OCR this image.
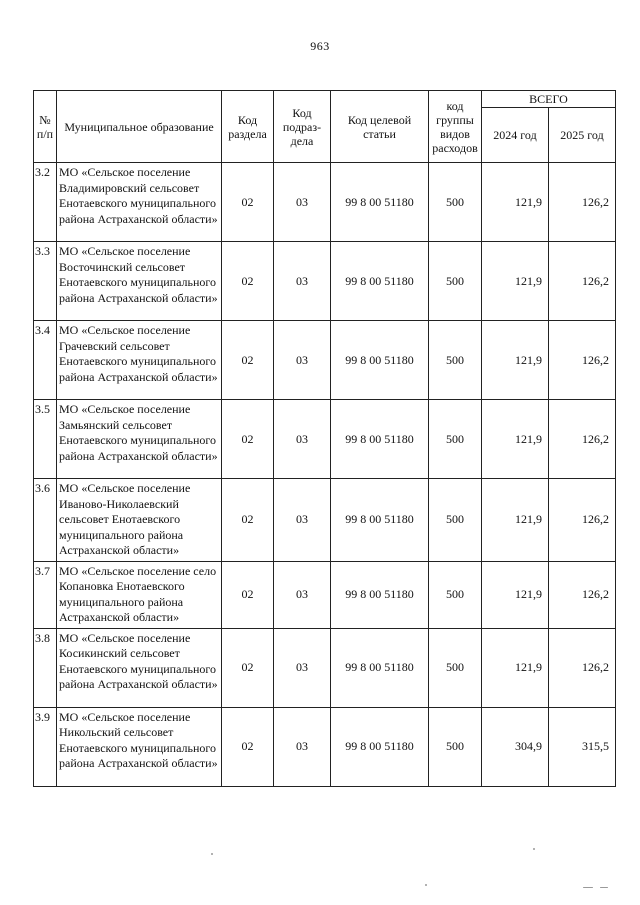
963
№ п/п	Муниципальное образование	Код раздела	Код подраз-дела	Код целевой статьи	код группы видов расходов	ВСЕГО	
						2024 год	2025 год
3.2	МО «Сельское поселение Владимировский сельсовет Енотаевского муниципального района Астраханской области»	02	03	99 8 00 51180	500	121,9	126,2
3.3	МО «Сельское поселение Восточинский сельсовет Енотаевского муниципального района Астраханской области»	02	03	99 8 00 51180	500	121,9	126,2
3.4	МО «Сельское поселение Грачевский сельсовет Енотаевского муниципального района Астраханской области»	02	03	99 8 00 51180	500	121,9	126,2
3.5	МО «Сельское поселение Замьянский сельсовет Енотаевского муниципального района Астраханской области»	02	03	99 8 00 51180	500	121,9	126,2
3.6	МО «Сельское поселение Иваново-Николаевский сельсовет Енотаевского муниципального района Астраханской области»	02	03	99 8 00 51180	500	121,9	126,2
3.7	МО «Сельское поселение село Копановка Енотаевского муниципального района Астраханской области»	02	03	99 8 00 51180	500	121,9	126,2
3.8	МО «Сельское поселение Косикинский сельсовет Енотаевского муниципального района Астраханской области»	02	03	99 8 00 51180	500	121,9	126,2
3.9	МО «Сельское поселение Никольский сельсовет Енотаевского муниципального района Астраханской области»	02	03	99 8 00 51180	500	304,9	315,5
